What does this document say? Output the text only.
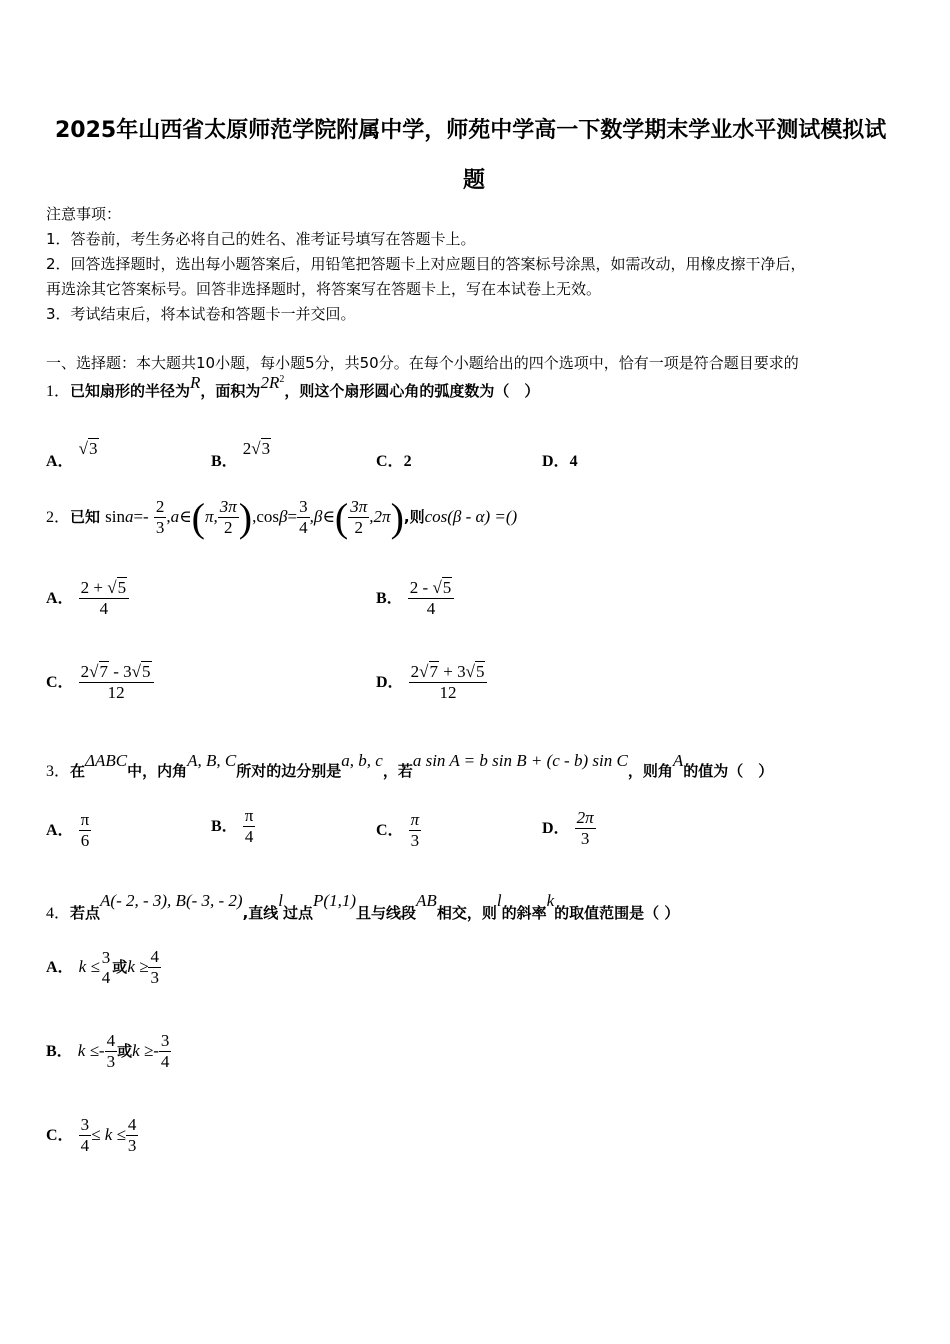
2025年山西省太原师范学院附属中学，师苑中学高一下数学期末学业水平测试模拟试
题
注意事项：
1．答卷前，考生务必将自己的姓名、准考证号填写在答题卡上。
2．回答选择题时，选出每小题答案后，用铅笔把答题卡上对应题目的答案标号涂黑，如需改动，用橡皮擦干净后，
再选涂其它答案标号。回答非选择题时，将答案写在答题卡上，写在本试卷上无效。
3．考试结束后，将本试卷和答题卡一并交回。
一、选择题：本大题共10小题，每小题5分，共50分。在每个小题给出的四个选项中，恰有一项是符合题目要求的
1．已知扇形的半径为R，面积为$2R^2$，则这个扇形圆心角的弧度数为（　）
A． √3
B． 2√3
C．2	D．4
2．已知 $\sin a=- \frac{2}{3}$ ,a∈(π, $\frac{3\pi}{2} ),\cos\beta= \frac{3}{4}$ ,β∈( $\frac{3\pi}{2} ,2\pi$),则cos(β - α) =()
A． $\frac{2 + √5}{4}$	B． $\frac{2 - √5}{4}$
C． $\frac{2√7 - 3√5}{12}$	D． $\frac{2√7 + 3√5}{12}$
3．在ΔABC中，内角A, B, C所对的边分别是a, b, c，若a sin A = b sin B + (c - b) sin C，则角A的值为（　）
A． $\frac{\pi}{6}$	B． $\frac{\pi}{4}$	C． $\frac{\pi}{3}$	D． $\frac{2\pi}{3}$
4．若点A(- 2, - 3), B(- 3, - 2),直线l过点P(1,1)且与线段AB相交，则l的斜率k的取值范围是（ ）
A． k ≤ 3
4
或$k \ge \frac{4}{3}$
B． $k \le- \frac{4}{3}$ 或$k \ge- \frac{3}{4}$
C． $\frac{3}{4} \le k \le \frac{4}{3}$
